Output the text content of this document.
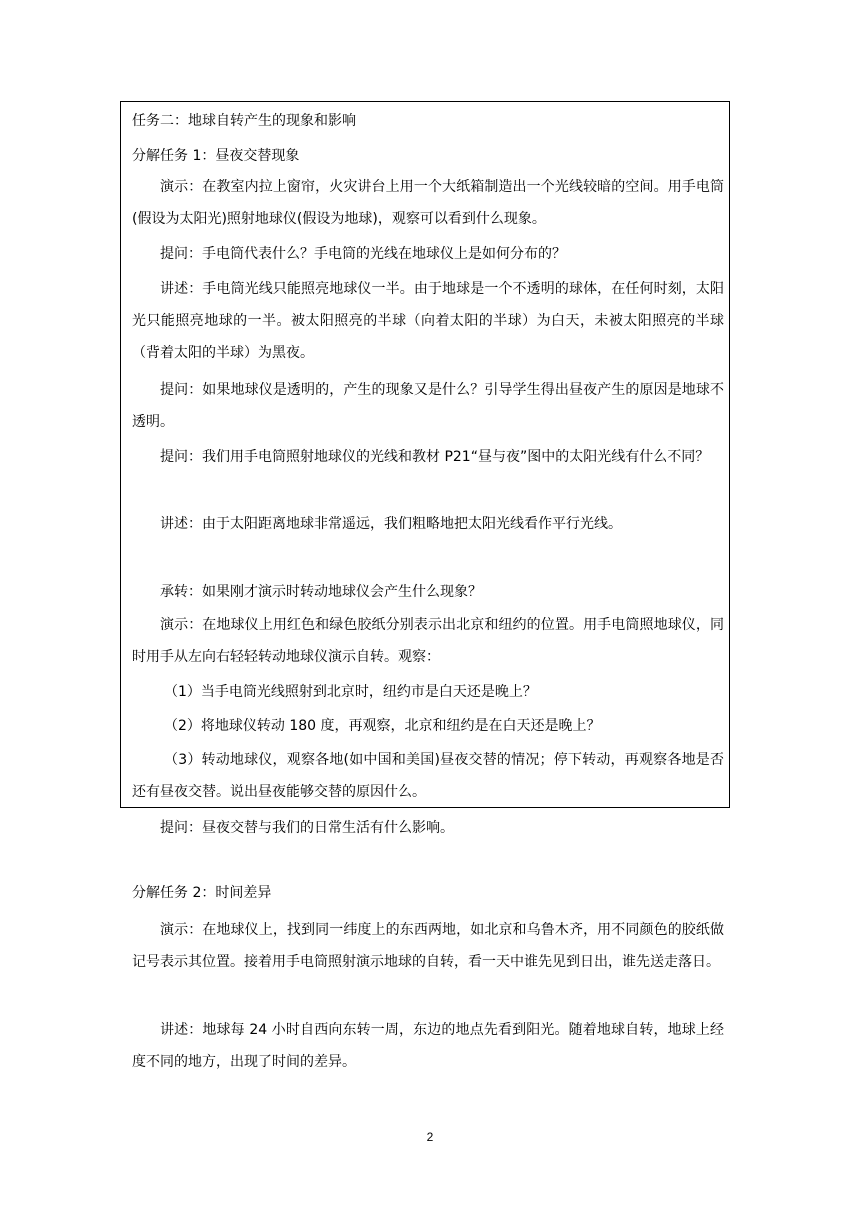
任务二：地球自转产生的现象和影响
分解任务 1：昼夜交替现象
演示：在教室内拉上窗帘，火灾讲台上用一个大纸箱制造出一个光线较暗的空间。用手电筒(假设为太阳光)照射地球仪(假设为地球)，观察可以看到什么现象。
提问：手电筒代表什么？手电筒的光线在地球仪上是如何分布的？
讲述：手电筒光线只能照亮地球仪一半。由于地球是一个不透明的球体，在任何时刻，太阳光只能照亮地球的一半。被太阳照亮的半球（向着太阳的半球）为白天，未被太阳照亮的半球（背着太阳的半球）为黑夜。
提问：如果地球仪是透明的，产生的现象又是什么？引导学生得出昼夜产生的原因是地球不透明。
提问：我们用手电筒照射地球仪的光线和教材 P21“昼与夜”图中的太阳光线有什么不同？
讲述：由于太阳距离地球非常遥远，我们粗略地把太阳光线看作平行光线。
承转：如果刚才演示时转动地球仪会产生什么现象？
演示：在地球仪上用红色和绿色胶纸分别表示出北京和纽约的位置。用手电筒照地球仪，同时用手从左向右轻轻转动地球仪演示自转。观察：
（1）当手电筒光线照射到北京时，纽约市是白天还是晚上？
（2）将地球仪转动 180 度，再观察，北京和纽约是在白天还是晚上？
（3）转动地球仪，观察各地(如中国和美国)昼夜交替的情况；停下转动，再观察各地是否还有昼夜交替。说出昼夜能够交替的原因什么。
提问：昼夜交替与我们的日常生活有什么影响。
分解任务 2：时间差异
演示：在地球仪上，找到同一纬度上的东西两地，如北京和乌鲁木齐，用不同颜色的胶纸做记号表示其位置。接着用手电筒照射演示地球的自转，看一天中谁先见到日出，谁先送走落日。
讲述：地球每 24 小时自西向东转一周，东边的地点先看到阳光。随着地球自转，地球上经度不同的地方，出现了时间的差异。
2
